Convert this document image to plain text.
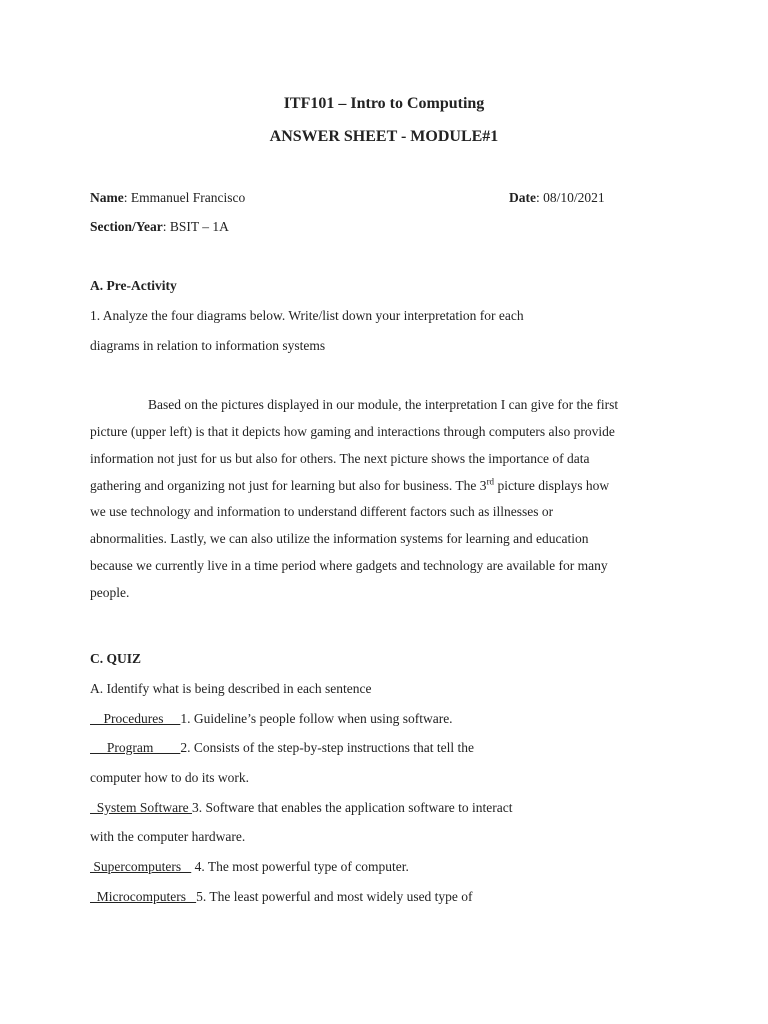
ITF101 – Intro to Computing
ANSWER SHEET - MODULE#1
Name: Emmanuel Francisco	Date: 08/10/2021
Section/Year: BSIT – 1A
A. Pre-Activity
1. Analyze the four diagrams below. Write/list down your interpretation for each
diagrams in relation to information systems
Based on the pictures displayed in our module, the interpretation I can give for the first
picture (upper left) is that it depicts how gaming and interactions through computers also provide
information not just for us but also for others. The next picture shows the importance of data
gathering and organizing not just for learning but also for business. The 3rd picture displays how
we use technology and information to understand different factors such as illnesses or
abnormalities. Lastly, we can also utilize the information systems for learning and education
because we currently live in a time period where gadgets and technology are available for many
people.
C. QUIZ
A. Identify what is being described in each sentence
Procedures     1. Guideline’s people follow when using software.
Program        2. Consists of the step-by-step instructions that tell the
computer how to do its work.
System Software 3. Software that enables the application software to interact
with the computer hardware.
Supercomputers    4. The most powerful type of computer.
Microcomputers   5. The least powerful and most widely used type of
